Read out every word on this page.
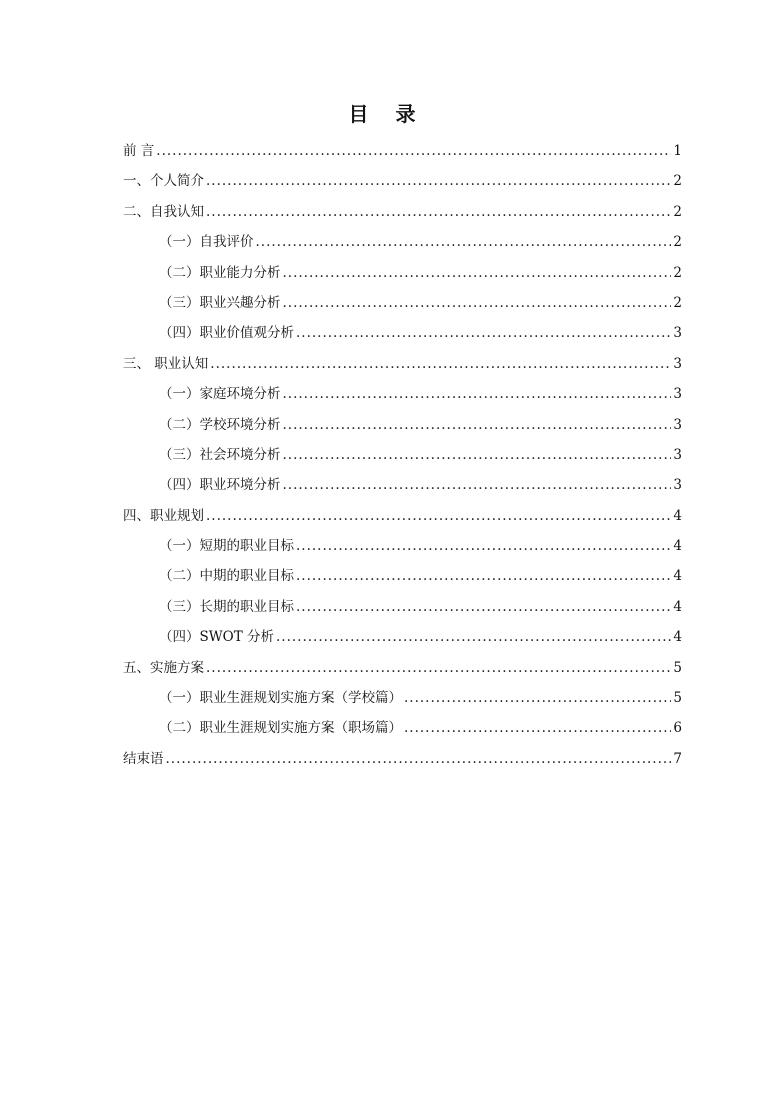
目 录
前 言 .....	1
一、个人简介 .....	2
二、自我认知 .....	2
（一）自我评价 .....	2
（二）职业能力分析 .....	2
（三）职业兴趣分析 .....	2
（四）职业价值观分析 .....	3
三、 职业认知 .....	3
（一）家庭环境分析 .....	3
（二）学校环境分析 .....	3
（三）社会环境分析 .....	3
（四）职业环境分析 .....	3
四、职业规划 .....	4
（一）短期的职业目标 .....	4
（二）中期的职业目标 .....	4
（三）长期的职业目标 .....	4
（四）SWOT 分析 .....	4
五、实施方案 .....	5
（一）职业生涯规划实施方案（学校篇） .....	5
（二）职业生涯规划实施方案（职场篇） .....	6
结束语 .....	7
